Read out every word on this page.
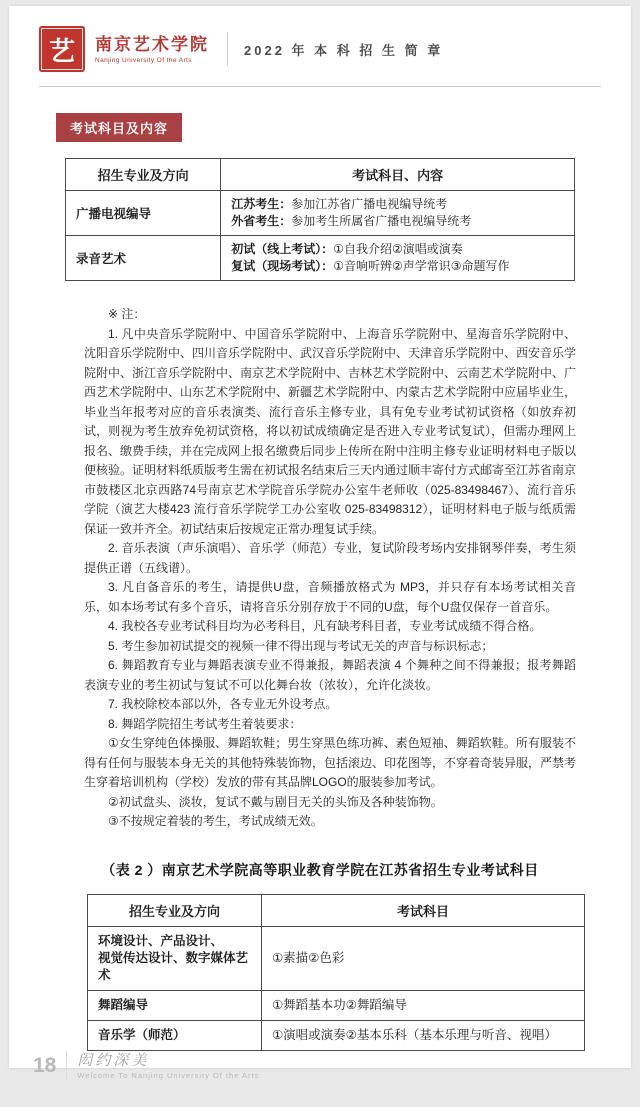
艺 南京艺术学院
Nanjing University Of the Arts
2022 年 本 科 招 生 简 章
考试科目及内容
招生专业及方向	考试科目、内容
广播电视编导	江苏考生：参加江苏省广播电视编导统考
外省考生：参加考生所属省广播电视编导统考

录音艺术	初试（线上考试）：①自我介绍②演唱或演奏
复试（现场考试）：①音响听辨②声学常识③命题写作

※ 注：

1. 凡中央音乐学院附中、中国音乐学院附中、上海音乐学院附中、星海音乐学院附中、沈阳音乐学院附中、四川音乐学院附中、武汉音乐学院附中、天津音乐学院附中、西安音乐学院附中、浙江音乐学院附中、南京艺术学院附中、吉林艺术学院附中、云南艺术学院附中、广西艺术学院附中、山东艺术学院附中、新疆艺术学院附中、内蒙古艺术学院附中应届毕业生，毕业当年报考对应的音乐表演类、流行音乐主修专业，具有免专业考试初试资格（如放弃初试，则视为考生放弃免初试资格，将以初试成绩确定是否进入专业考试复试），但需办理网上报名、缴费手续，并在完成网上报名缴费后同步上传所在附中注明主修专业证明材料电子版以便核验。证明材料纸质版考生需在初试报名结束后三天内通过顺丰寄付方式邮寄至江苏省南京市鼓楼区北京西路74号南京艺术学院音乐学院办公室牛老师收（025-83498467）、流行音乐学院（演艺大楼423 流行音乐学院学工办公室收 025-83498312），证明材料电子版与纸质需保证一致并齐全。初试结束后按规定正常办理复试手续。

2. 音乐表演（声乐演唱）、音乐学（师范）专业，复试阶段考场内安排钢琴伴奏，考生须提供正谱（五线谱）。

3. 凡自备音乐的考生，请提供U盘，音频播放格式为 MP3，并只存有本场考试相关音乐，如本场考试有多个音乐，请将音乐分别存放于不同的U盘，每个U盘仅保存一首音乐。

4. 我校各专业考试科目均为必考科目，凡有缺考科目者，专业考试成绩不得合格。

5. 考生参加初试提交的视频一律不得出现与考试无关的声音与标识标志；

6. 舞蹈教育专业与舞蹈表演专业不得兼报，舞蹈表演 4 个舞种之间不得兼报；报考舞蹈表演专业的考生初试与复试不可以化舞台妆（浓妆），允许化淡妆。

7. 我校除校本部以外，各专业无外设考点。

8. 舞蹈学院招生考试考生着装要求：

①女生穿纯色体操服、舞蹈软鞋；男生穿黑色练功裤、素色短袖、舞蹈软鞋。所有服装不得有任何与服装本身无关的其他特殊装饰物，包括滚边、印花图等，不穿着奇装异服，严禁考生穿着培训机构（学校）发放的带有其品牌LOGO的服装参加考试。

②初试盘头、淡妆，复试不戴与剧目无关的头饰及各种装饰物。

③不按规定着装的考生，考试成绩无效。

（表 2 ）南京艺术学院高等职业教育学院在江苏省招生专业考试科目
招生专业及方向	考试科目

环境设计、产品设计、
视觉传达设计、数字媒体艺术	①素描②色彩

舞蹈编导	①舞蹈基本功②舞蹈编导

音乐学（师范）	①演唱或演奏②基本乐科（基本乐理与听音、视唱）
18 闳约深美
Welcome To Nanjing University Of the Arts
